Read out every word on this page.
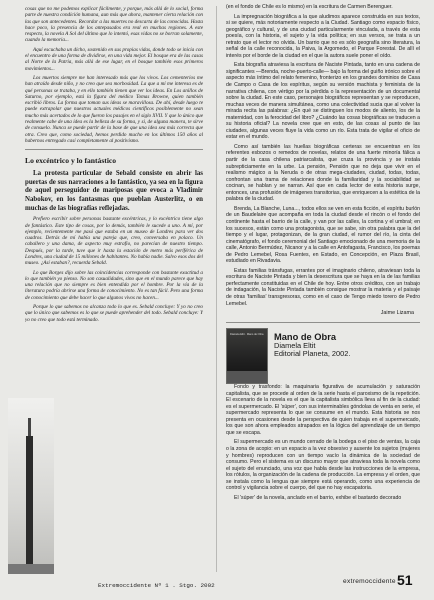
cosas que no me podemos explicar fácilmente, y porque, más allá de lo social, forma parte de nuestra condición humana, aun más que ahora, mantener cierta relación con las que son antecedentes. Recordar a las muertes no descarta de las conocidas. Hasta hace poco, la presencia de los antepasados era real en muchas regiones. A este respecto, la novela A Sol del último que lo intentó, esas vidas no se borran solamente, cuando la memoria...

Aquí escuchaba un dicho, sostenido en sus propias vidas, donde todo se inicia con el encuentro de una forma de dividirse, en una vida mejor. El bosque era de las casas al Norte de la Patria, más allá de ese lugar, en el bosque también esos primeros movimientos...

Los muertos siempre me han interesado más que los vivos. Los cementerios me han atraído desde niño, y no creo que sea morbosidad. La que a mí me interesa es de qué personas se trataba, y en ello también tienen que ver los ideas. En Los anillos de Saturno, por ejemplo, está la figura del médico Tomas Browne, quien también escribió libros. La forma que toman sus ideas se maravillosa. De ahí, desde luego te puede extrapolar que nuestros actuales médicos científicos posiblemente no sean mucho más acertados de lo que fueron los pasajes en el siglo XVII. Y que lo único que realmente cabe de una idea es la belleza de su forma, y si, de alguna manera, te sirve de consuelo. Nunca se puede partir de la base de que una idea sea más correcta que otra. Creo que, como sociedad, hemos perdido mucho en los últimos 150 años al habernos entregado casi completamente al positivismo.

Lo excéntrico y lo fantástico

La protesta particular de Sebald consiste en abrir las puertas de sus narraciones a lo fantástico, ya sea en la figura de aquel perseguidor de mariposas que evoca a Vladimir Nabokov, en los fantasmas que pueblan Austerlitz, o en muchas de las biografías reflejadas.

Prefiero escribir sobre personas bastante excéntricas, y lo excéntrico tiene algo de fantástico. Este tipo de cosas, por lo demás, también le sucede a uno. A mí, por ejemplo, recientemente me pasó que estaba en un museo de Londres para ver dos cuadros. Detrás de mí había una pareja que, creo, conversaba en polaco. Un caballero y una dama, de aspecto muy estrafio, no parecían de nuestro tiempo. Después, por la tarde, tuve que ir hasta la estación de metro más periférica de Londres, una ciudad de 15 millones de habitantes. No había nadie. Salvo esos dos del museo. ¿Así estaban?, recuerda Sebald.

Lo que Borges dijo sobre las coincidencias corresponde con bastante exactitud a lo que también yo pienso. No son casualidades, sino que en el mundo parece que hay una relación que no siempre es bien entendida por el hombre. Por la vía de la literatura podría abrirse una forma de conocimiento. No es tan fácil. Pero una forma de conocimiento que debe hacer lo que algunos vivos no hacen...

Porque lo que sabemos no alcanza todo lo que es. Sebald concluye: Y yo no creo que lo único que sabemos es lo que se puede aprehender del todo. Sebald concluye: Y yo no creo que todo está terminado.

(en el fondo de Chile es lo mismo) en la escritura de Carmen Berenguer.

La impregnación biográfica a la que aludimos aparece construida en sus textos, si se quiere, más notoriamente respecto a la Ciudad. Santiago como espacio físico, geográfico y cultural, y de una ciudad particularmente vinculada, a través de esta poesía, con la historia, el sujeto y la vida política; en sus versos, se trata a un retrato que el lector no olvida. Un barrio que no es sólo geografía sino literatura, la señal de la calle reconocida, la Paiva, la Argomedo, el Parque Forestal. De allí el interés por el borde de la ciudad en el que la autora suele poner el oído.

Esta biografía atraviesa la escritura de Naciste Pintada, tanto en una cadena de significantes —Brenda, noche-puerto-calle— bajo la forma del guiño irónico sobre el aspecto más íntimo del relato femenino, fronterizo en los grandes dominios de Casa de Campo o Casa de los espíritus, según su versión machista y feminista de la narrativa chilena, con vértigo por la pérdida o la representación de un documental sobre la ciudad. En este caso, personajes biográficos representan y se reproducen, muchas veces de manera simultánea, como una colectividad sucia que al volver la mirada recita las palabras: ¿En qué se distinguen los modos de aliento, los de la maternidad, con la ferocidad del libro? ¿Cuándo las cosas biográficas se traducen a su historia oficial? La novela cree que en esto, de las cosas al punto de las ciudades, algunas veces fluye la vida como un río. Esta trata de vigilar el oficio de estar en el mundo.

Como así también las huellas biográficas certeras se encuentran en los referentes esbozos o remedos de novelas, relatos de una fuerte minoría fálica a partir de la casa chilena patriarcalista, que cruza la provincia y se instala subrepticiamente en la urbe. La pensión, Pensión que no deja que vivir en el realismo mágico a la Neruda o de otras mega-ciudades, ciudad, todas, todas, confrontan una trama de relaciones donde la familiaridad y la sociabilidad se cocinan, se hablan y se narran. Así que en cada lector de esta historia surge, entonces, una profusión de imágenes transitorias, que enriquecen a la estética de la palabra de la ciudad.

Brenda, La Blanche, Luna..., todos ellos se ven en esta ficción, el espíritu burlón de un Baudelaire que acompaña en toda la ciudad desde el rincón o el fondo del continente hasta el barrio de la calle, y van por las calles, la cortina y el umbral; en los sucesos, están como una protagonista, que se sabe, sin otra palabra que la del tiempo y el lugar, protagonizan, de la gran ciudad, el rumor del río, la cinta del cinematógrafo, el fondo ceremonial del Santiago emocionado de una memoria de la calle, Antonio Bermúdez, Nicanor y a la calle en Antofagasta, Francisco, los poemas de Pedro Lemebel, Rosa Fuentes, en Estado, en Concepción, en Plaza Brasil, estudiado en Rivadavia.

Estas familias tránsfugas, errantes por el imaginario chileno, atraviesan toda la escritura de Naciste Pintada y bien la desescritura que se haya en la de las familias perfectamente constituidas en el Chile de hoy. Entre otros créditos, con un trabajo de indagación, la Naciste Pintada también consigue mostrar la materia y el paisaje de otras 'familias' transgresoras, como en el caso de Tengo miedo torero de Pedro Lemebel.

Jaime Lizama
Diamela Eltit · Mano de Obra Mano de Obra
Diamela Eltit
Editorial Planeta, 2002.

Fondo y trasfondo: la maquinaria figurativa de acumulación y saturación capitalista, que se procede al orden de la serie hasta el paroxismo de la repetición. El escenario de la novela es el que la capitalista simbólica lleva al fin de la ciudad: es el supermercado. El 'súper', con sus interminables góndolas de venta en serie, el supermercado representa lo que se consume en el mundo. Esta historia se nos presenta en ocasiones desde la perspectiva de quien trabaja en el supermercado, los que son ahora empleados atrapados en la lógica del aprendizaje de un tiempo que se escapa.

El supermercado es un mundo cerrado de la bodega o el piso de ventas, la caja o la zona de acopio: en un espacio a la vez obsesivo y ausente los sujetos (mujeres y hombres) reproducen con un tiempo vacío la dinámica de la sociedad de consumo. Pero el sistema es un discurso mayor que atraviesa toda la novela como el sujeto del enunciado, una voz que habla desde las instrucciones de la empresa, los rótulos, la organización de la cadena de producción. La empresa y el orden, que se instala como la lengua que siempre está operando, como una experiencia de control y vigilancia sobre el cuerpo, del que no hay escapatoria.

El 'súper' de la novela, anclado en el barrio, exhibe el bastardo decorado

Extremoccidente Nº 1 . Stgo. 2002
extremoccidente 51
